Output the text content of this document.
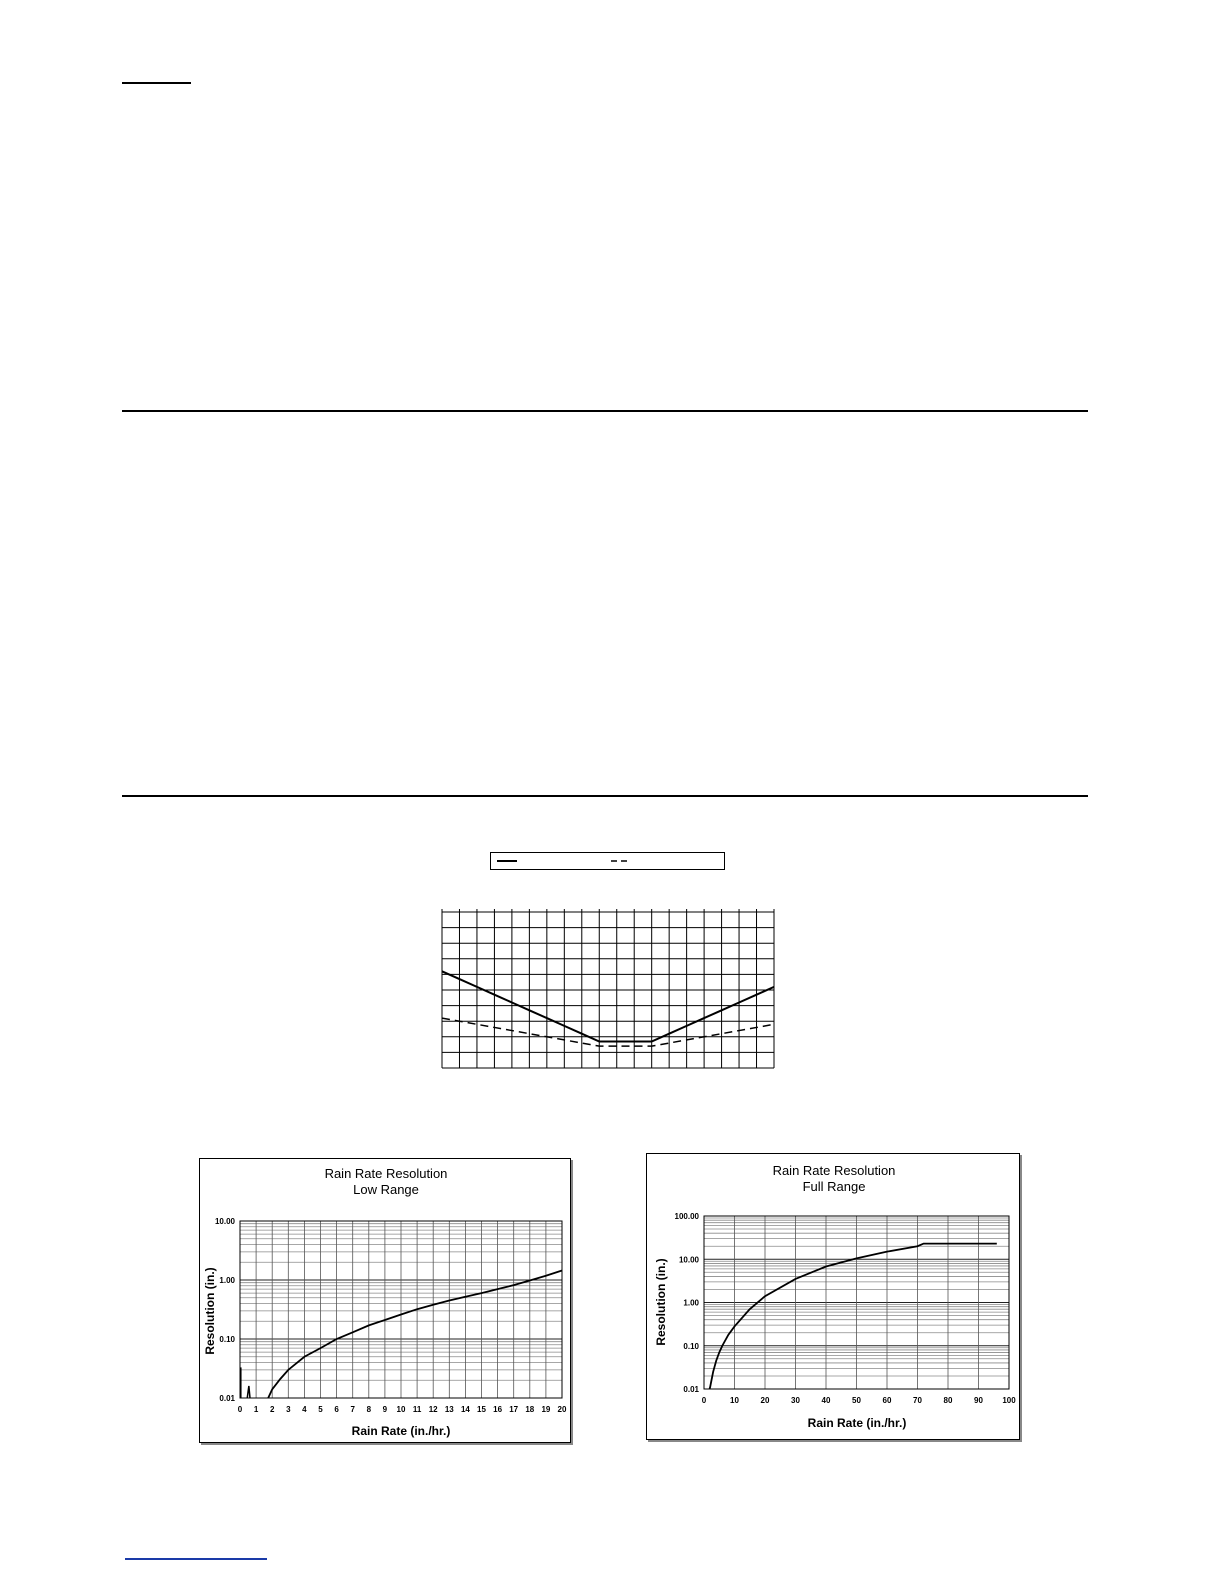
Rain Rate Resolution
Low Range
Rain Rate (in./hr.)
Resolution (in.)
0 1 2 3 4 5 6 7 8 9 10 11 12 13 14 15 16 17 18 19 20
0.01
0.10
1.00
10.00
Rain Rate Resolution
Full Range
Rain Rate (in./hr.)
Resolution (in.)
0	10	20	30	40	50	60	70	80	90 100
0.01
0.10
1.00
10.00
100.00
